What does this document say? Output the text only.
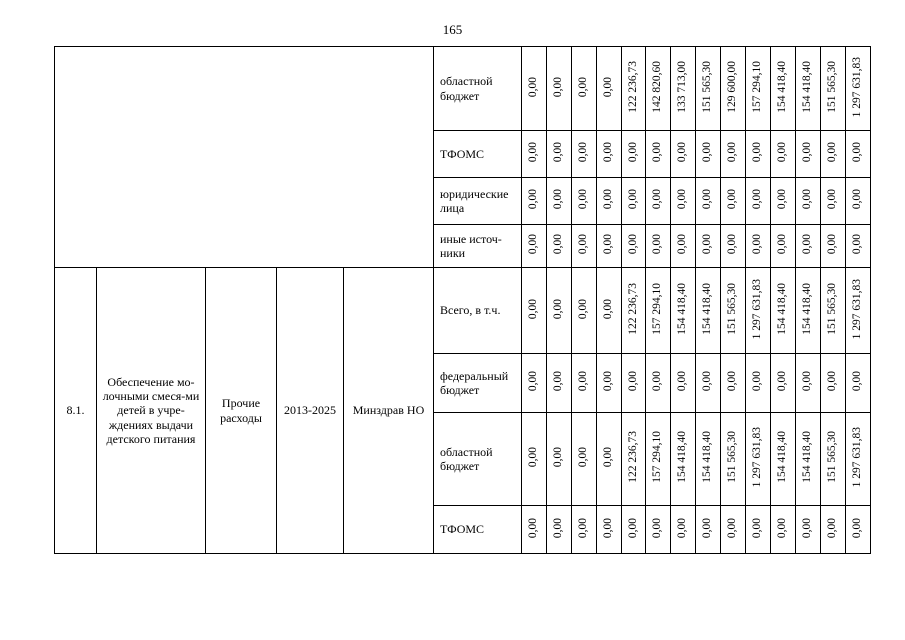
165
					областной бюджет	0,00	0,00	0,00	0,00	122 236,73	142 820,60	133 713,00	151 565,30	129 600,00	157 294,10	154 418,40	154 418,40	151 565,30	1 297 631,83
					ТФОМС	0,00	0,00	0,00	0,00	0,00	0,00	0,00	0,00	0,00	0,00	0,00	0,00	0,00	0,00
					юридические лица	0,00	0,00	0,00	0,00	0,00	0,00	0,00	0,00	0,00	0,00	0,00	0,00	0,00	0,00
					иные источ-ники	0,00	0,00	0,00	0,00	0,00	0,00	0,00	0,00	0,00	0,00	0,00	0,00	0,00	0,00
8.1.	Обеспечение мо-лочными смеся-ми детей в учре-ждениях выдачи детского питания	Прочие расходы	2013-2025	Минздрав НО	Всего, в т.ч.	0,00	0,00	0,00	0,00	122 236,73	157 294,10	154 418,40	154 418,40	151 565,30	1 297 631,83	154 418,40	154 418,40	151 565,30	1 297 631,83
					федеральный бюджет	0,00	0,00	0,00	0,00	0,00	0,00	0,00	0,00	0,00	0,00	0,00	0,00	0,00	0,00
					областной бюджет	0,00	0,00	0,00	0,00	122 236,73	157 294,10	154 418,40	154 418,40	151 565,30	1 297 631,83	154 418,40	154 418,40	151 565,30	1 297 631,83
					ТФОМС	0,00	0,00	0,00	0,00	0,00	0,00	0,00	0,00	0,00	0,00	0,00	0,00	0,00	0,00
